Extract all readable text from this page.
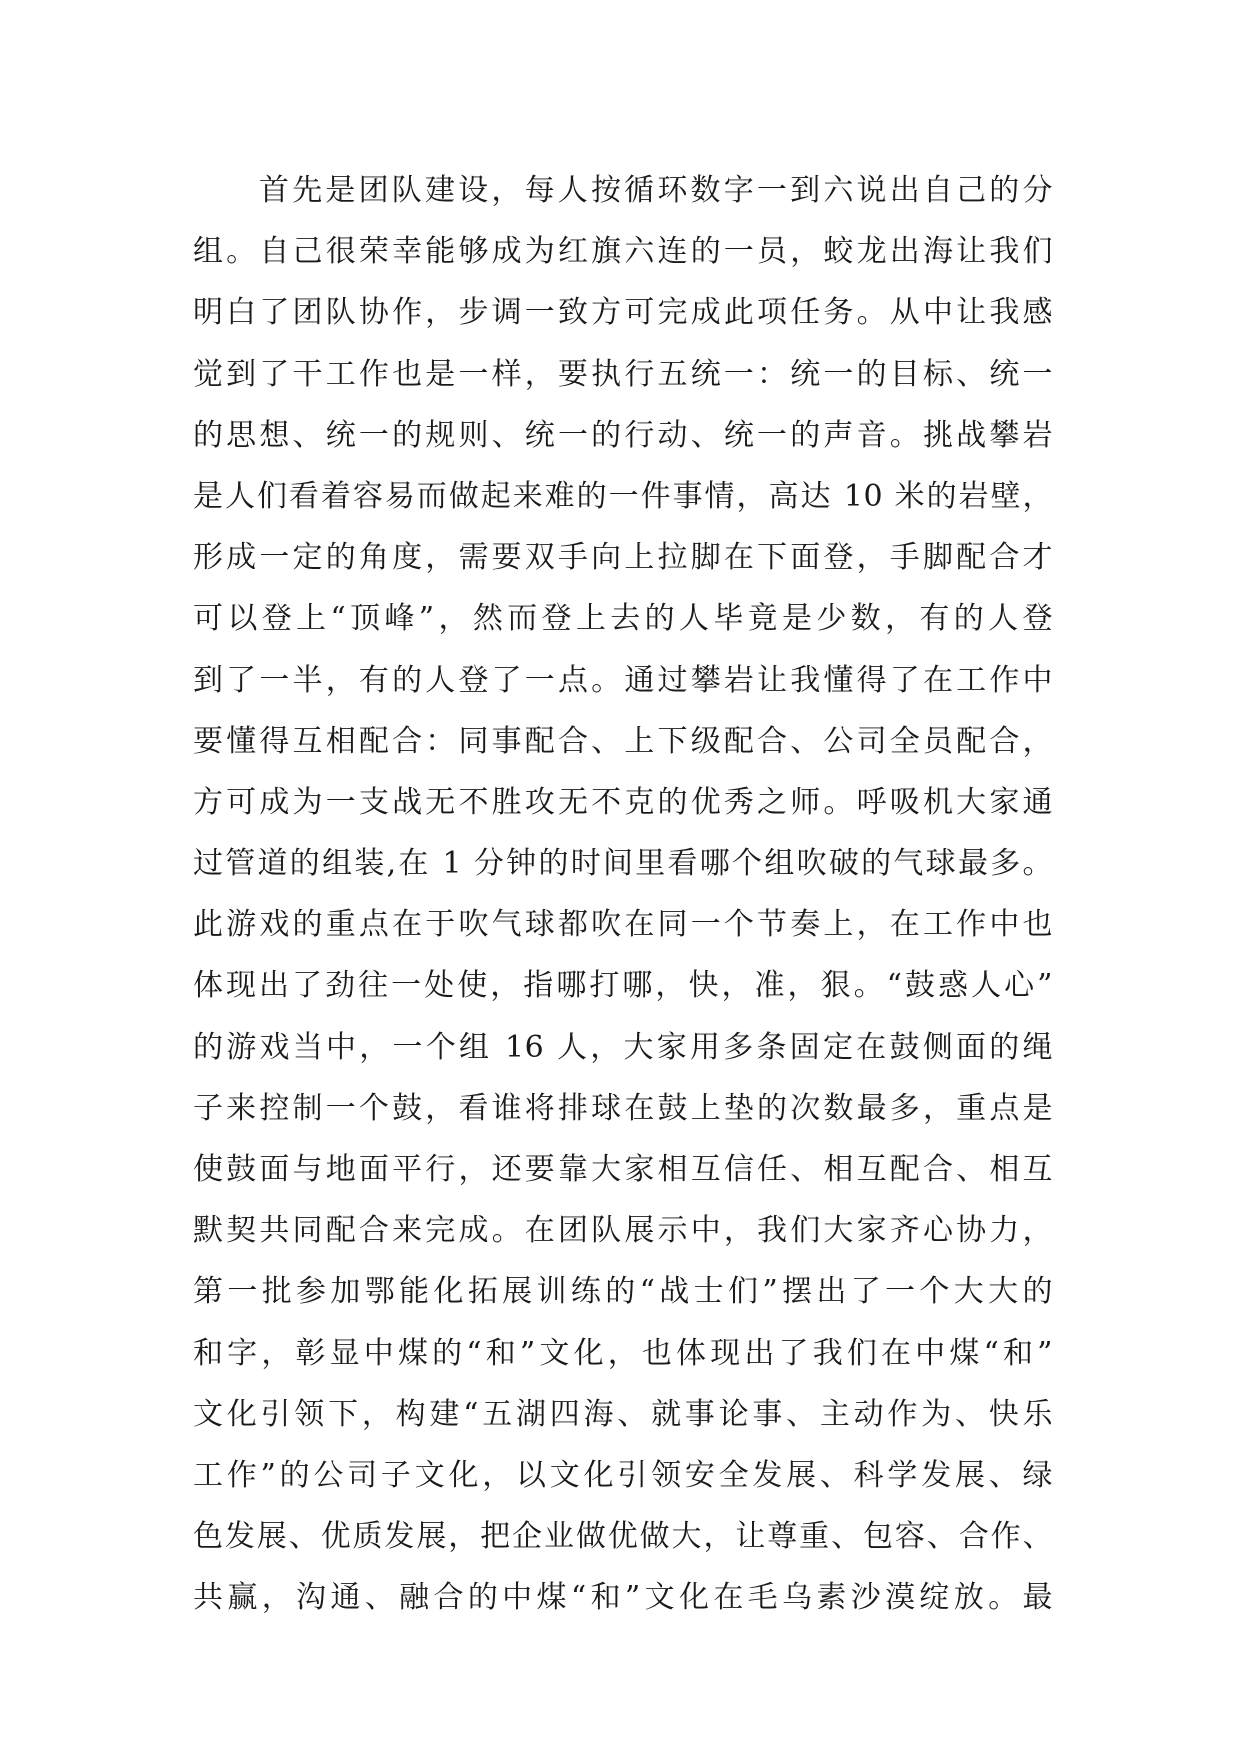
首先是团队建设，每人按循环数字一到六说出自己的分
组。自己很荣幸能够成为红旗六连的一员，蛟龙出海让我们
明白了团队协作，步调一致方可完成此项任务。从中让我感
觉到了干工作也是一样，要执行五统一：统一的目标、统一
的思想、统一的规则、统一的行动、统一的声音。挑战攀岩
是人们看着容易而做起来难的一件事情，高达 10 米的岩壁，
形成一定的角度，需要双手向上拉脚在下面登，手脚配合才
可以登上“顶峰”，然而登上去的人毕竟是少数，有的人登
到了一半，有的人登了一点。通过攀岩让我懂得了在工作中
要懂得互相配合：同事配合、上下级配合、公司全员配合，
方可成为一支战无不胜攻无不克的优秀之师。呼吸机大家通
过管道的组装,在 1 分钟的时间里看哪个组吹破的气球最多。
此游戏的重点在于吹气球都吹在同一个节奏上，在工作中也
体现出了劲往一处使，指哪打哪，快，准，狠。“鼓惑人心”
的游戏当中，一个组 16 人，大家用多条固定在鼓侧面的绳
子来控制一个鼓，看谁将排球在鼓上垫的次数最多，重点是
使鼓面与地面平行，还要靠大家相互信任、相互配合、相互
默契共同配合来完成。在团队展示中，我们大家齐心协力，
第一批参加鄂能化拓展训练的“战士们”摆出了一个大大的
和字，彰显中煤的“和”文化，也体现出了我们在中煤“和”
文化引领下，构建“五湖四海、就事论事、主动作为、快乐
工作”的公司子文化，以文化引领安全发展、科学发展、绿
色发展、优质发展，把企业做优做大，让尊重、包容、合作、
共赢，沟通、融合的中煤“和”文化在毛乌素沙漠绽放。最
